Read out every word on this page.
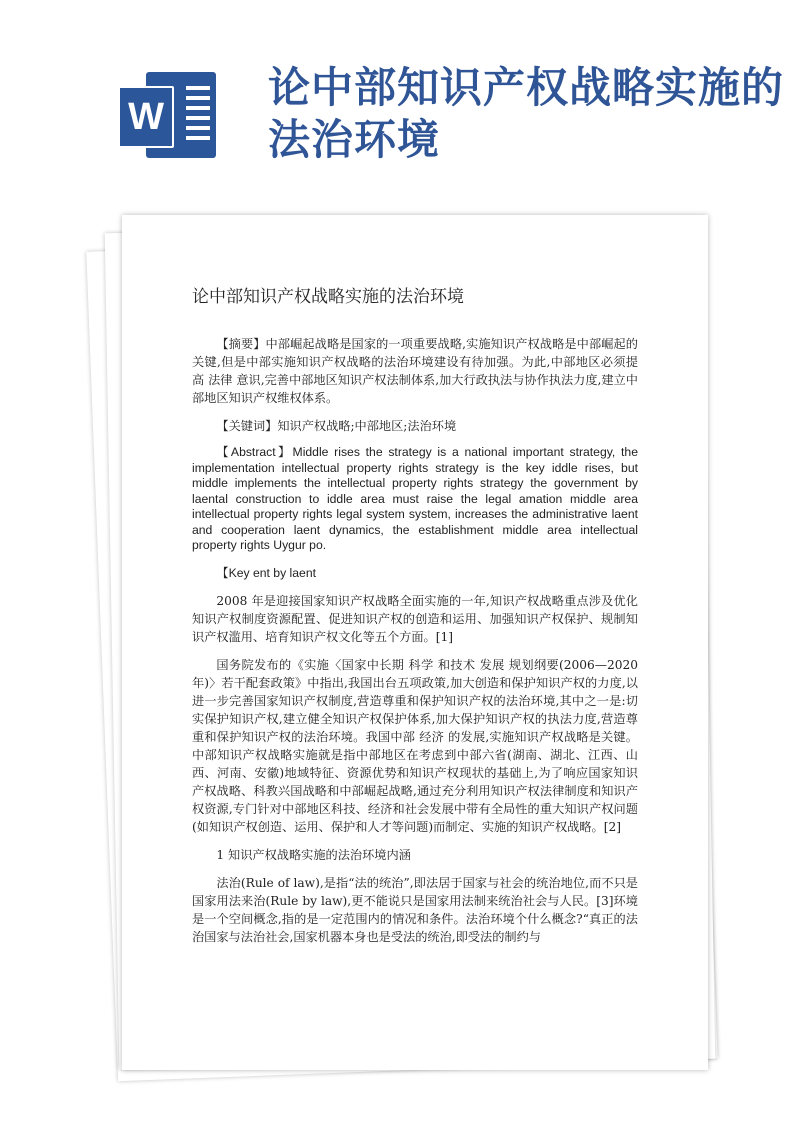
W
论中部知识产权战略实施的法治环境
论中部知识产权战略实施的法治环境

【摘要】中部崛起战略是国家的一项重要战略,实施知识产权战略是中部崛起的关键,但是中部实施知识产权战略的法治环境建设有待加强。为此,中部地区必须提高 法律 意识,完善中部地区知识产权法制体系,加大行政执法与协作执法力度,建立中部地区知识产权维权体系。

【关键词】知识产权战略;中部地区;法治环境

【Abstract】Middle rises the strategy is a national important strategy, the implementation intellectual property rights strategy is the key iddle rises, but middle implements the intellectual property rights strategy the government by laental construction to iddle area must raise the legal amation middle area intellectual property rights legal system system, increases the administrative laent and cooperation laent dynamics, the establishment middle area intellectual property rights Uygur po.

【Key ent by laent

2008 年是迎接国家知识产权战略全面实施的一年,知识产权战略重点涉及优化知识产权制度资源配置、促进知识产权的创造和运用、加强知识产权保护、规制知识产权滥用、培育知识产权文化等五个方面。[1]

国务院发布的《实施〈国家中长期 科学 和技术 发展 规划纲要(2006—2020 年)〉若干配套政策》中指出,我国出台五项政策,加大创造和保护知识产权的力度,以进一步完善国家知识产权制度,营造尊重和保护知识产权的法治环境,其中之一是:切实保护知识产权,建立健全知识产权保护体系,加大保护知识产权的执法力度,营造尊重和保护知识产权的法治环境。我国中部 经济 的发展,实施知识产权战略是关键。中部知识产权战略实施就是指中部地区在考虑到中部六省(湖南、湖北、江西、山西、河南、安徽)地域特征、资源优势和知识产权现状的基础上,为了响应国家知识产权战略、科教兴国战略和中部崛起战略,通过充分利用知识产权法律制度和知识产权资源,专门针对中部地区科技、经济和社会发展中带有全局性的重大知识产权问题(如知识产权创造、运用、保护和人才等问题)而制定、实施的知识产权战略。[2]

1 知识产权战略实施的法治环境内涵

法治(Rule of law),是指“法的统治”,即法居于国家与社会的统治地位,而不只是国家用法来治(Rule by law),更不能说只是国家用法制来统治社会与人民。[3]环境是一个空间概念,指的是一定范围内的情况和条件。法治环境个什么概念?“真正的法治国家与法治社会,国家机器本身也是受法的统治,即受法的制约与
